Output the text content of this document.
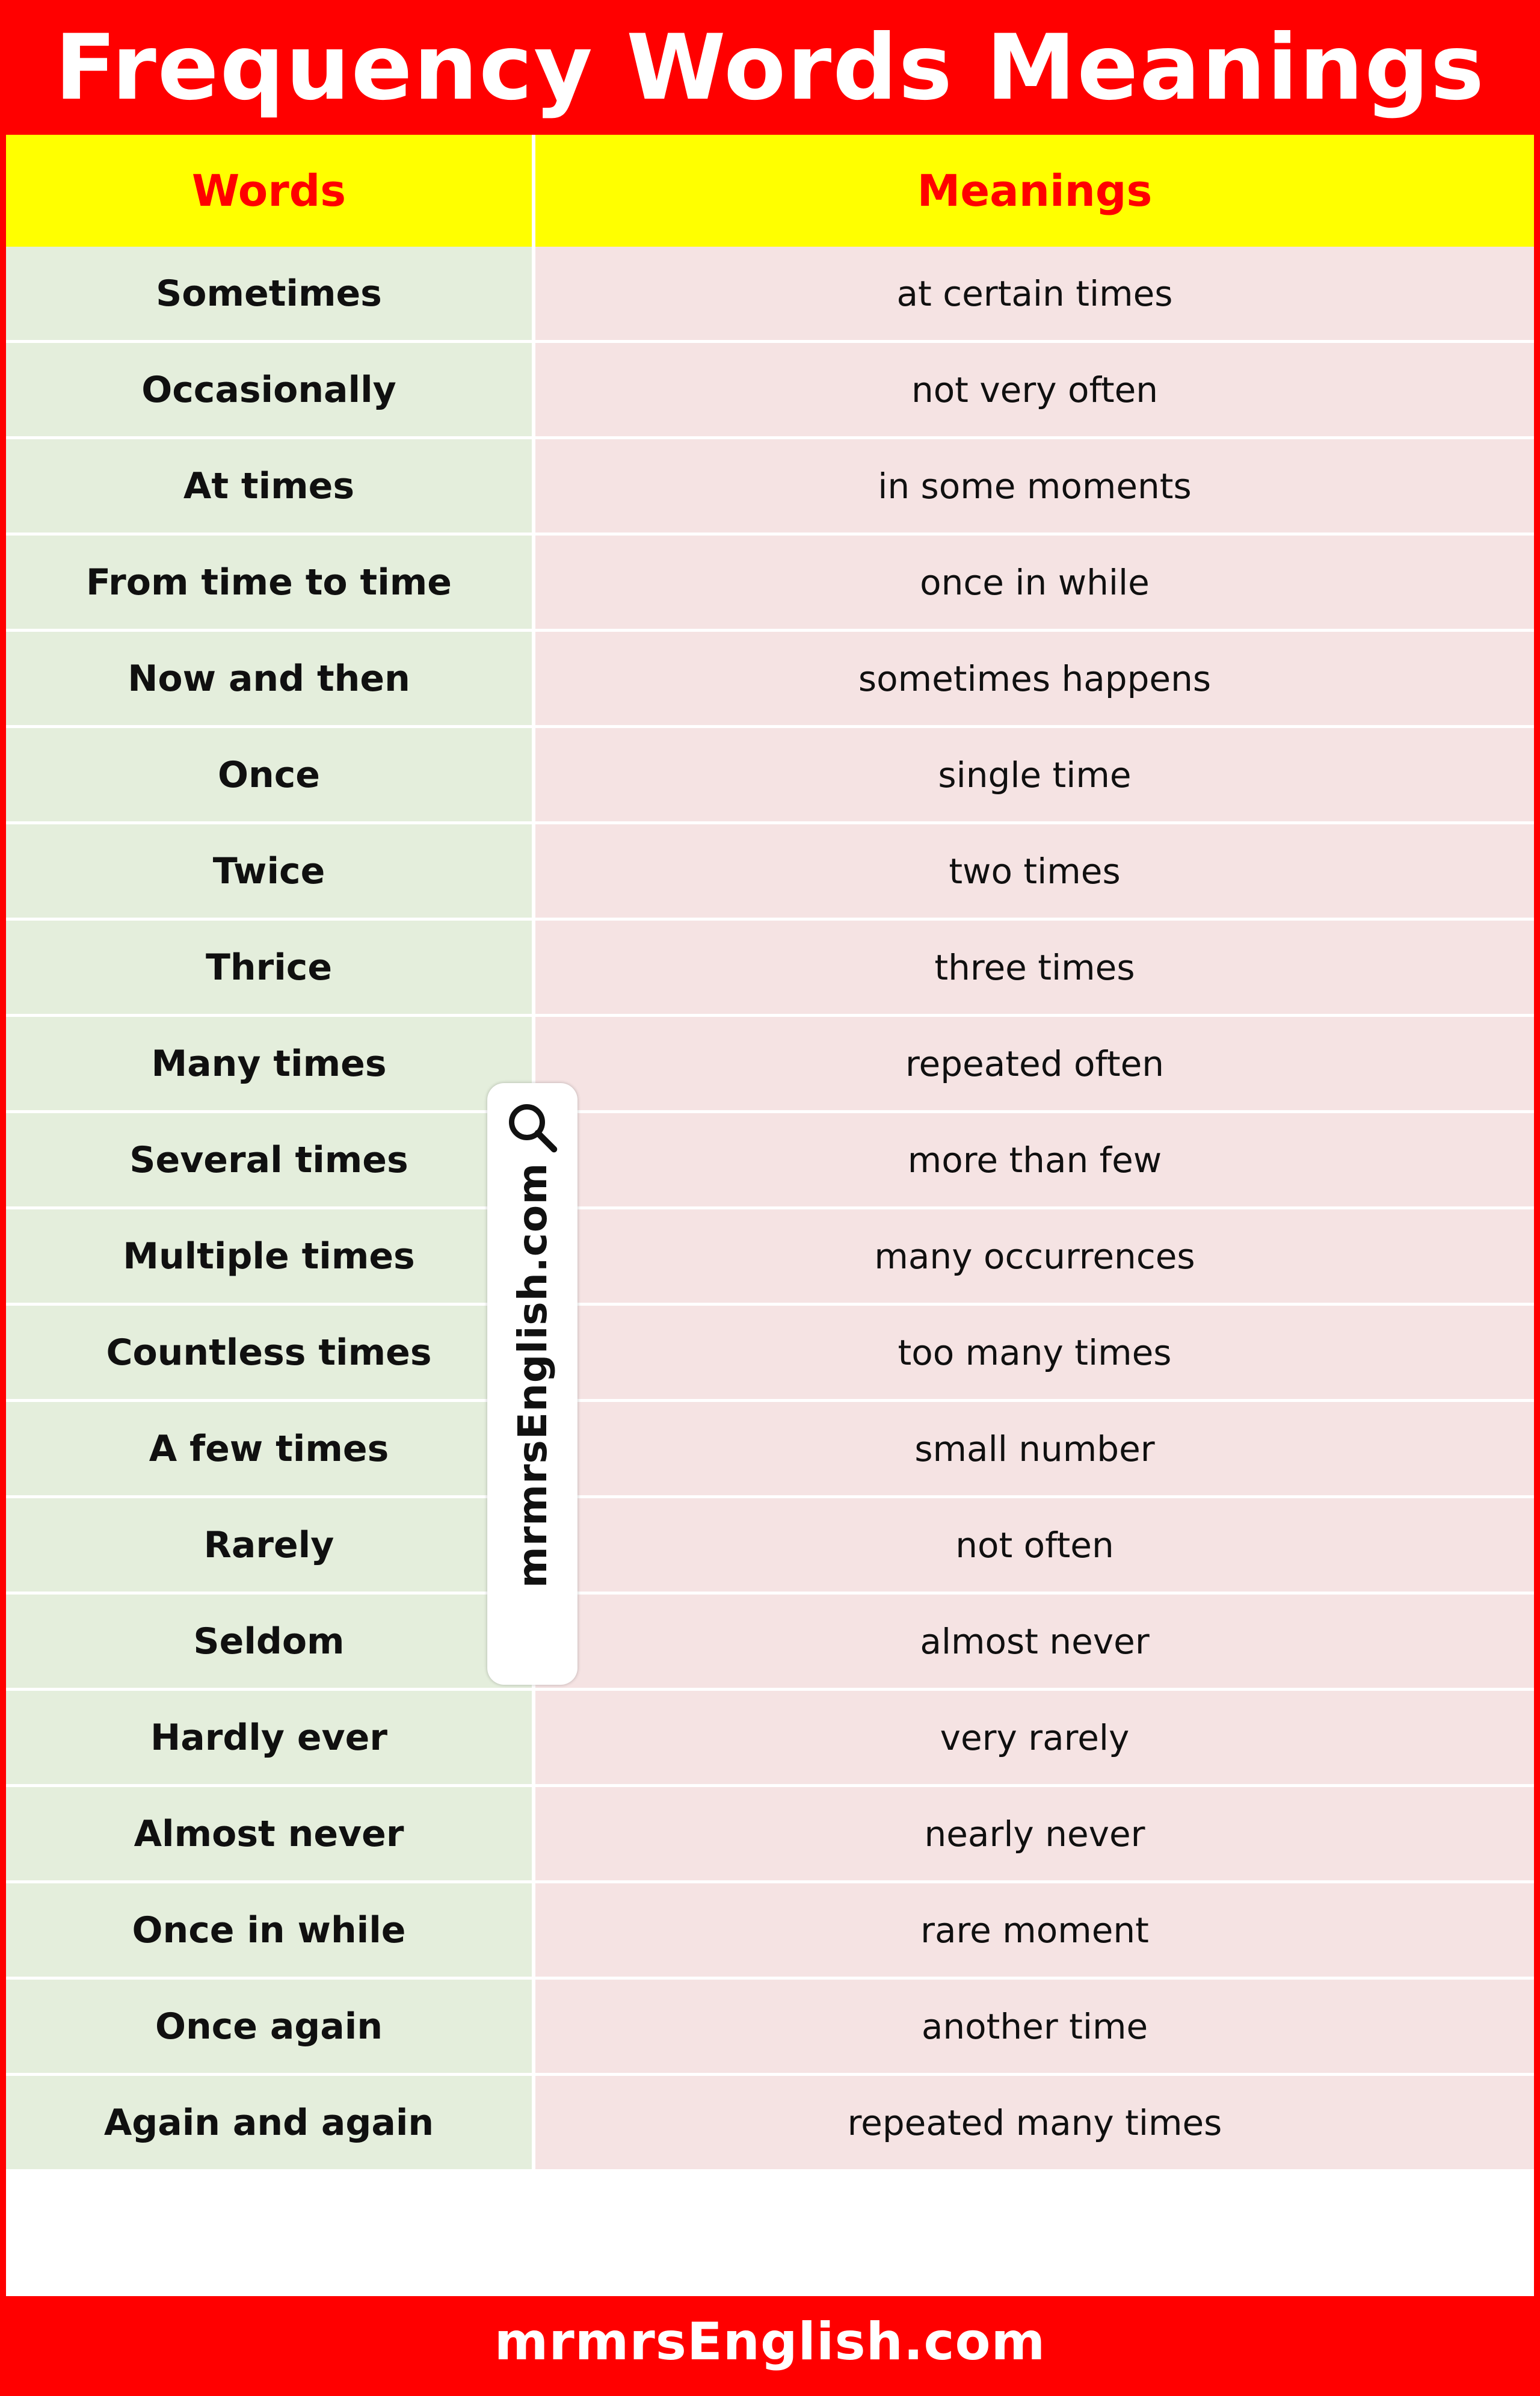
Frequency Words Meanings
Words	Meanings
Sometimes	at certain times
Occasionally	not very often
At times	in some moments
From time to time	once in while
Now and then	sometimes happens
Once	single time
Twice	two times
Thrice	three times
Many times	repeated often
Several times	more than few
Multiple times	many occurrences
Countless times	too many times
A few times	small number
Rarely	not often
Seldom	almost never
Hardly ever	very rarely
Almost never	nearly never
Once in while	rare moment
Once again	another time
Again and again	repeated many times
mrmrsEnglish.com
mrmrsEnglish.com
